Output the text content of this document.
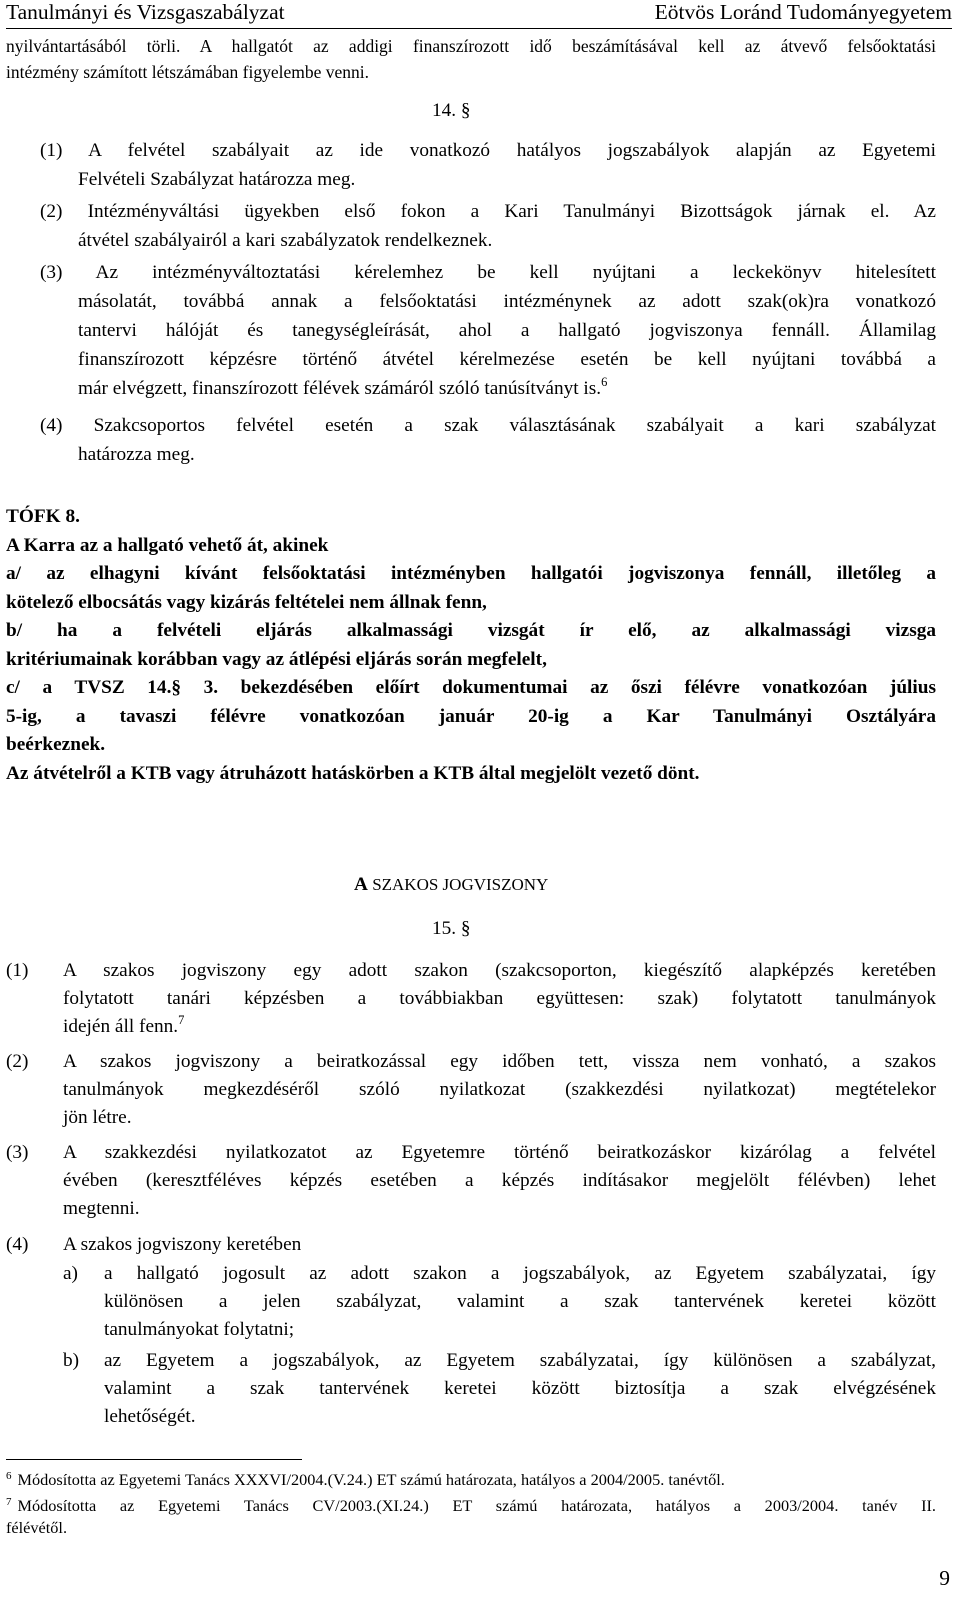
Tanulmányi és Vizsgaszabályzat	Eötvös Loránd Tudományegyetem
nyilvántartásából törli. A hallgatót az addigi finanszírozott idő beszámításával kell az átvevő felsőoktatási
intézmény számított létszámában figyelembe venni.
14. §
(1) A felvétel szabályait az ide vonatkozó hatályos jogszabályok alapján az Egyetemi
Felvételi Szabályzat határozza meg.
(2) Intézményváltási ügyekben első fokon a Kari Tanulmányi Bizottságok járnak el. Az
átvétel szabályairól a kari szabályzatok rendelkeznek.
(3) Az intézményváltoztatási kérelemhez be kell nyújtani a leckekönyv hitelesített
másolatát, továbbá annak a felsőoktatási intézménynek az adott szak(ok)ra vonatkozó
tantervi hálóját és tanegységleírását, ahol a hallgató jogviszonya fennáll. Államilag
finanszírozott képzésre történő átvétel kérelmezése esetén be kell nyújtani továbbá a
már elvégzett, finanszírozott félévek számáról szóló tanúsítványt is.$^6$
(4) Szakcsoportos felvétel esetén a szak választásának szabályait a kari szabályzat
határozza meg.
TÓFK 8.
A Karra az a hallgató vehető át, akinek
a/ az elhagyni kívánt felsőoktatási intézményben hallgatói jogviszonya fennáll, illetőleg a
kötelező elbocsátás vagy kizárás feltételei nem állnak fenn,
b/ ha a felvételi eljárás alkalmassági vizsgát ír elő, az alkalmassági vizsga
kritériumainak korábban vagy az átlépési eljárás során megfelelt,
c/ a TVSZ 14.§ 3. bekezdésében előírt dokumentumai az őszi félévre vonatkozóan július
5-ig, a tavaszi félévre vonatkozóan január 20-ig a Kar Tanulmányi Osztályára
beérkeznek.
Az átvételről a KTB vagy átruházott hatáskörben a KTB által megjelölt vezető dönt.
A SZAKOS JOGVISZONY
15. §
(1) A szakos jogviszony egy adott szakon (szakcsoporton, kiegészítő alapképzés keretében
folytatott tanári képzésben a továbbiakban együttesen: szak) folytatott tanulmányok
idején áll fenn.$^7$
(2) A szakos jogviszony a beiratkozással egy időben tett, vissza nem vonható, a szakos
tanulmányok megkezdéséről szóló nyilatkozat (szakkezdési nyilatkozat) megtételekor
jön létre.
(3) A szakkezdési nyilatkozatot az Egyetemre történő beiratkozáskor kizárólag a felvétel
évében (keresztféléves képzés esetében a képzés indításakor megjelölt félévben) lehet
megtenni.
(4) A szakos jogviszony keretében
a) a hallgató jogosult az adott szakon a jogszabályok, az Egyetem szabályzatai, így
különösen a jelen szabályzat, valamint a szak tantervének keretei között
tanulmányokat folytatni;
b) az Egyetem a jogszabályok, az Egyetem szabályzatai, így különösen a szabályzat,
valamint a szak tantervének keretei között biztosítja a szak elvégzésének
lehetőségét.
$^6$ Módosította az Egyetemi Tanács XXXVI/2004.(V.24.) ET számú határozata, hatályos a 2004/2005. tanévtől.
$^7$ Módosította az Egyetemi Tanács CV/2003.(XI.24.) ET számú határozata, hatályos a 2003/2004. tanév II.
félévétől.
9
